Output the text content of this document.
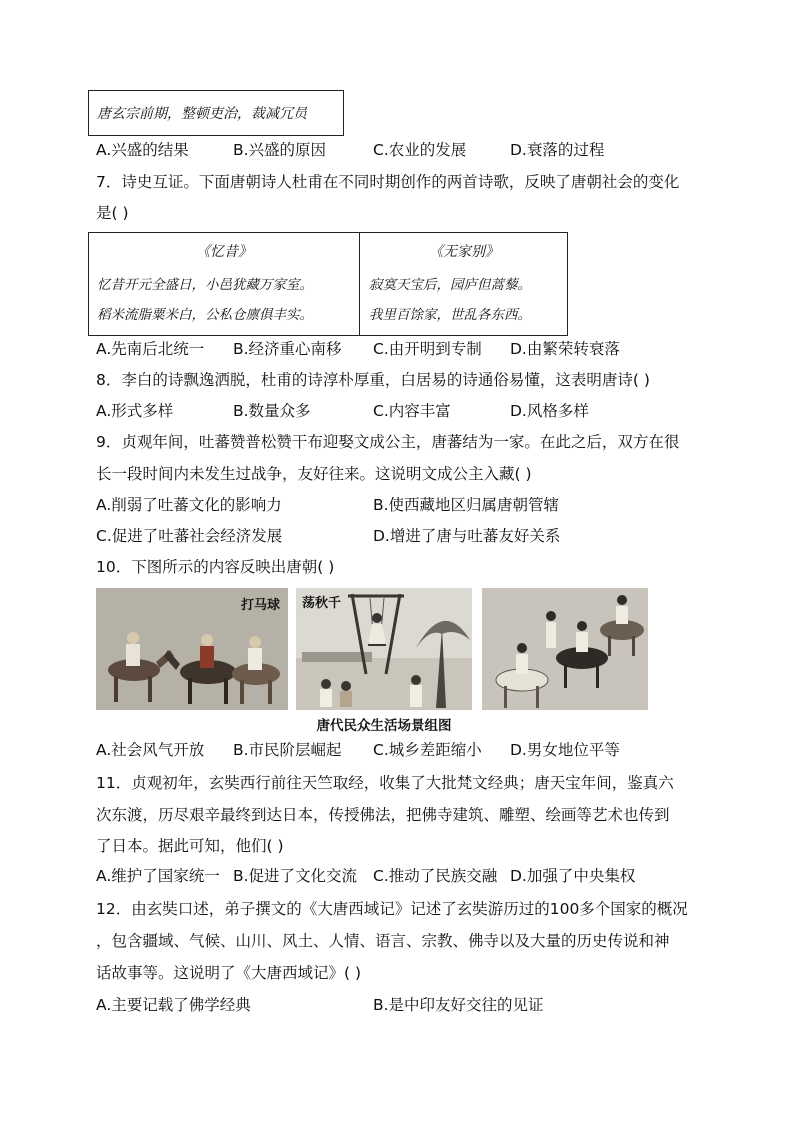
唐玄宗前期，整顿吏治，裁减冗员
A.兴盛的结果	B.兴盛的原因	C.农业的发展	D.衰落的过程
7．诗史互证。下面唐朝诗人杜甫在不同时期创作的两首诗歌，反映了唐朝社会的变化
是( )
《忆昔》
忆昔开元全盛日，小邑犹藏万家室。
稻米流脂粟米白，公私仓廪俱丰实。
《无家别》
寂寞天宝后，园庐但蒿藜。
我里百馀家，世乱各东西。
A.先南后北统一 B.经济重心南移 C.由开明到专制 D.由繁荣转衰落
8．李白的诗飘逸洒脱，杜甫的诗淳朴厚重，白居易的诗通俗易懂，这表明唐诗( )
A.形式多样	B.数量众多	C.内容丰富	D.风格多样
9．贞观年间，吐蕃赞普松赞干布迎娶文成公主，唐蕃结为一家。在此之后，双方在很
长一段时间内未发生过战争，友好往来。这说明文成公主入藏( )
A.削弱了吐蕃文化的影响力	B.使西藏地区归属唐朝管辖
C.促进了吐蕃社会经济发展	D.增进了唐与吐蕃友好关系
10．下图所示的内容反映出唐朝( )
打马球 荡秋千
唐代民众生活场景组图
A.社会风气开放 B.市民阶层崛起 C.城乡差距缩小 D.男女地位平等
11．贞观初年，玄奘西行前往天竺取经，收集了大批梵文经典；唐天宝年间，鉴真六
次东渡，历尽艰辛最终到达日本，传授佛法，把佛寺建筑、雕塑、绘画等艺术也传到
了日本。据此可知，他们( )
A.维护了国家统一 B.促进了文化交流 C.推动了民族交融 D.加强了中央集权
12．由玄奘口述，弟子撰文的《大唐西域记》记述了玄奘游历过的100多个国家的概况
，包含疆域、气候、山川、风土、人情、语言、宗教、佛寺以及大量的历史传说和神
话故事等。这说明了《大唐西域记》( )
A.主要记载了佛学经典	B.是中印友好交往的见证
